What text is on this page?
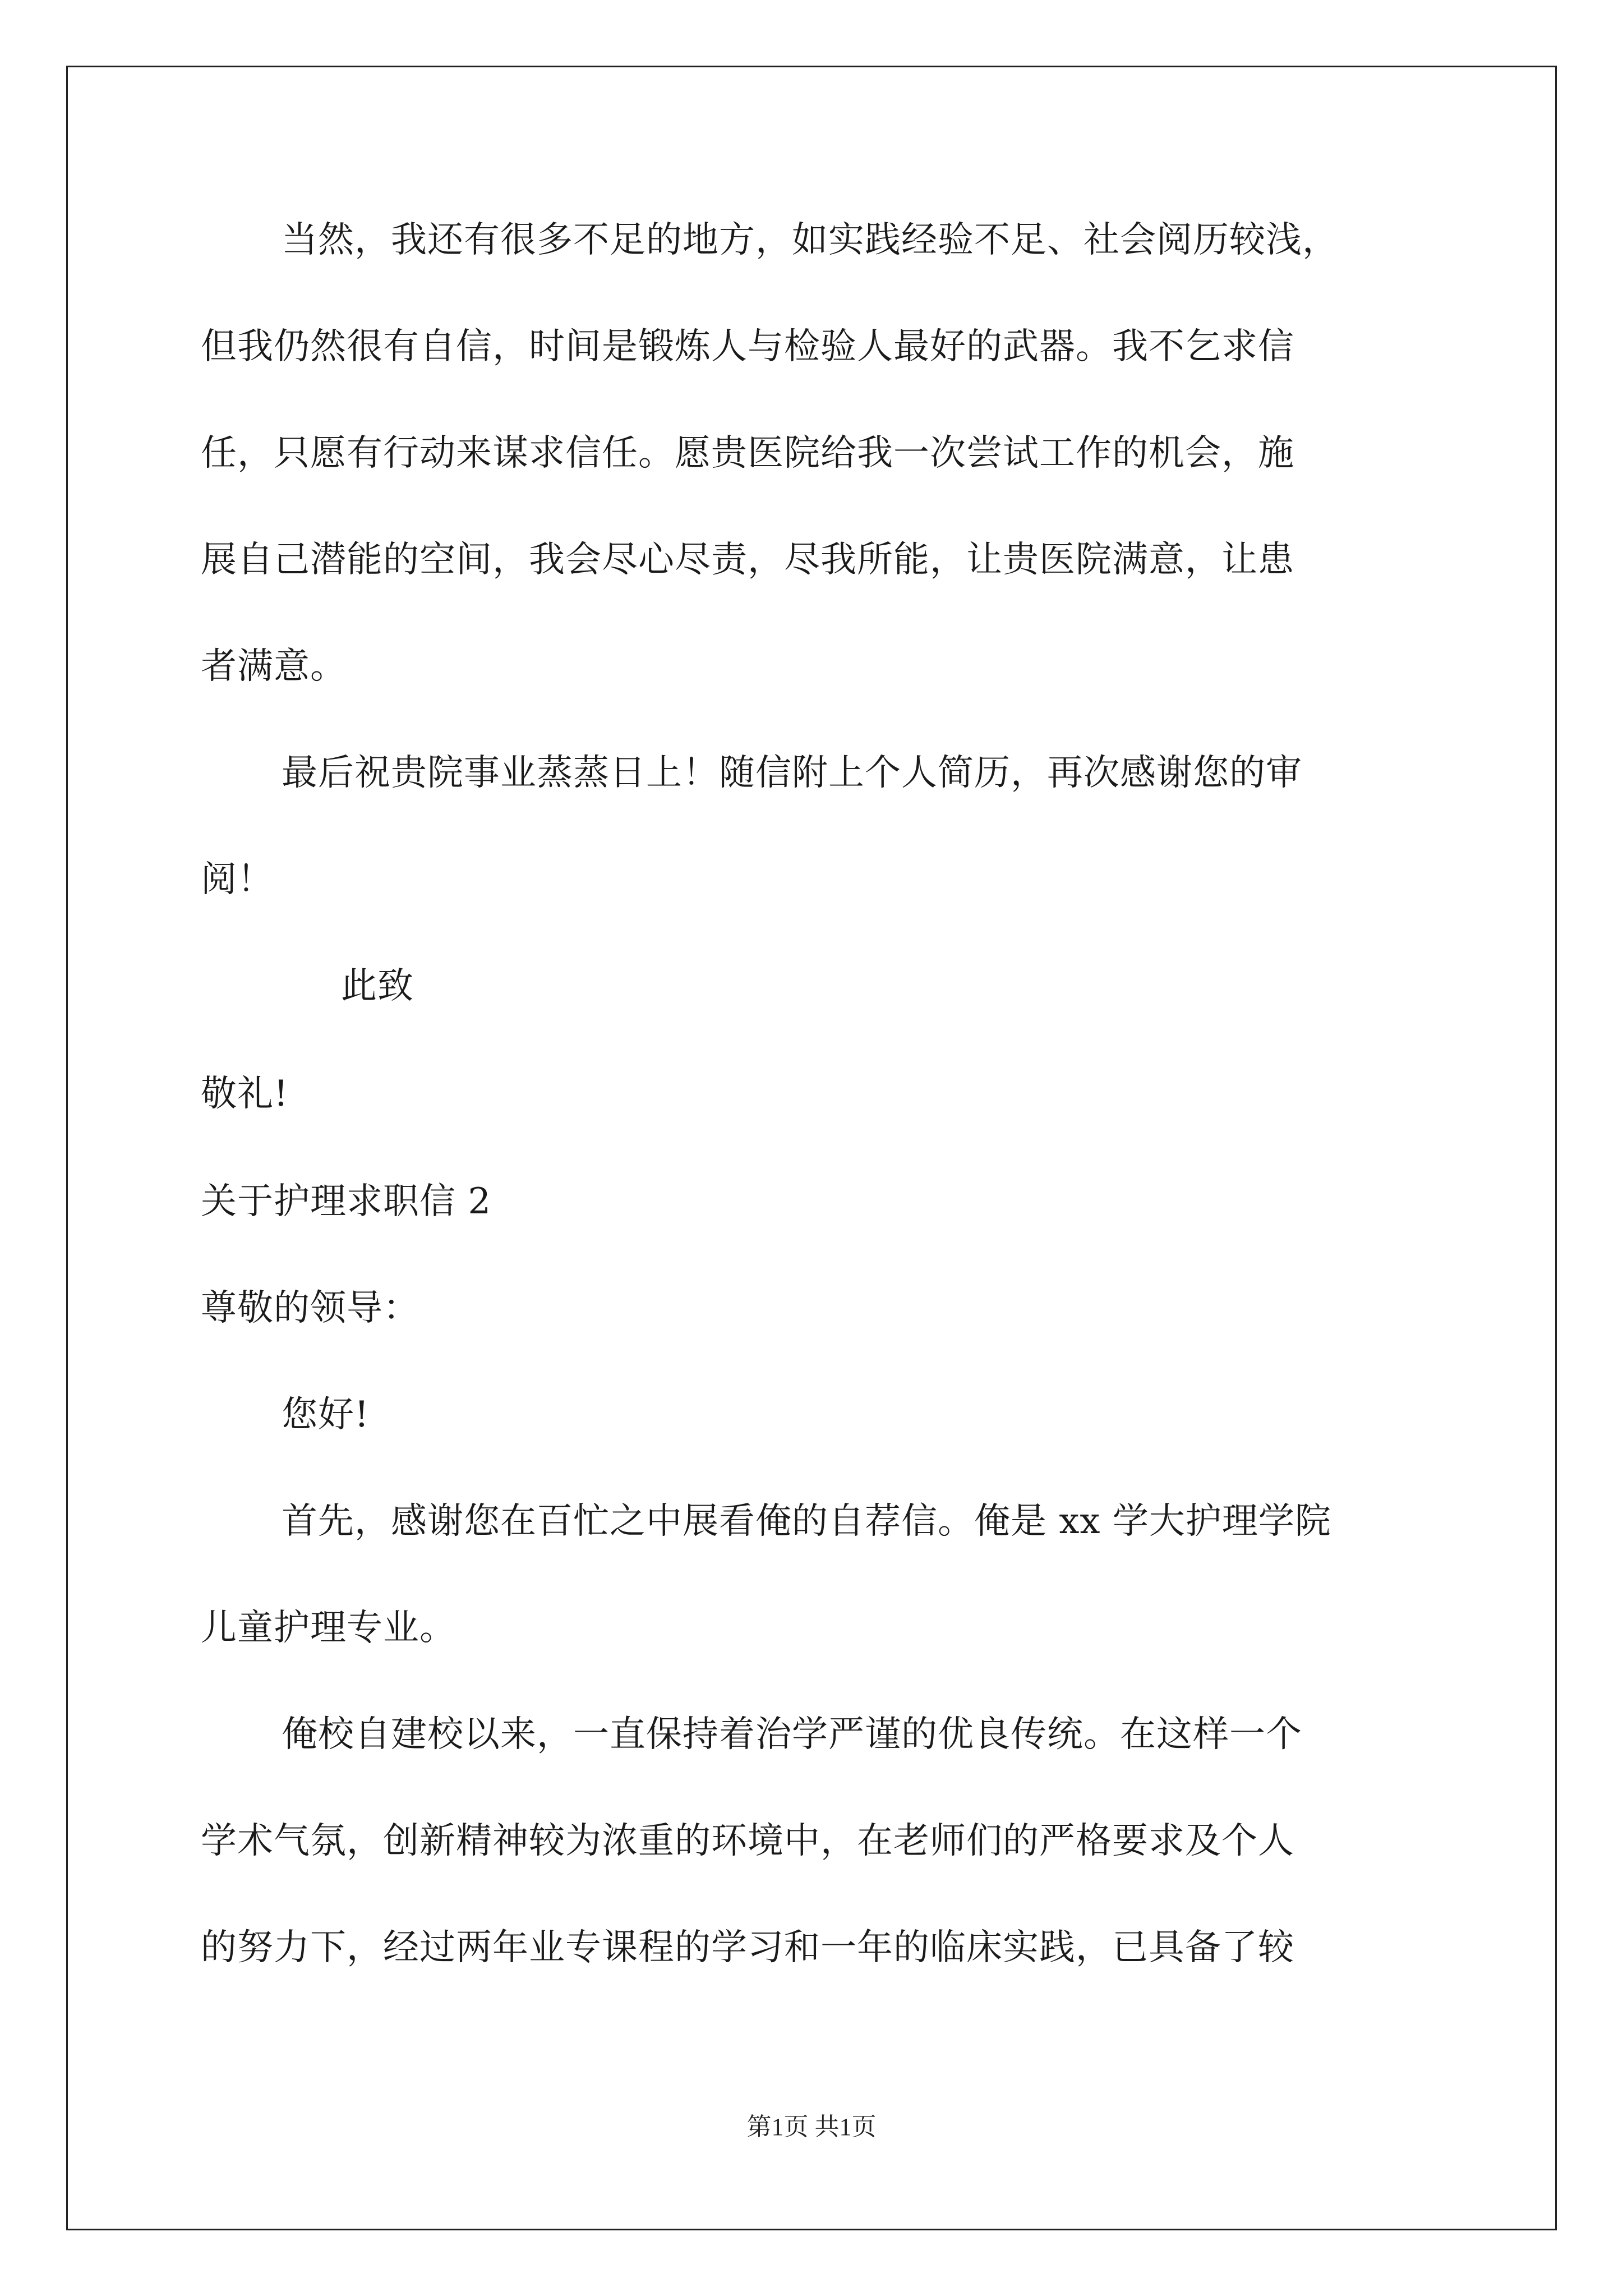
当然，我还有很多不足的地方，如实践经验不足、社会阅历较浅，
但我仍然很有自信，时间是锻炼人与检验人最好的武器。我不乞求信
任，只愿有行动来谋求信任。愿贵医院给我一次尝试工作的机会，施
展自己潜能的空间，我会尽心尽责，尽我所能，让贵医院满意，让患
者满意。
最后祝贵院事业蒸蒸日上！随信附上个人简历，再次感谢您的审
阅！
此致
敬礼!
关于护理求职信 2
尊敬的领导：
您好!
首先，感谢您在百忙之中展看俺的自荐信。俺是 xx 学大护理学院
儿童护理专业。
俺校自建校以来，一直保持着治学严谨的优良传统。在这样一个
学术气氛，创新精神较为浓重的环境中，在老师们的严格要求及个人
的努力下，经过两年业专课程的学习和一年的临床实践，已具备了较
第1页 共1页
